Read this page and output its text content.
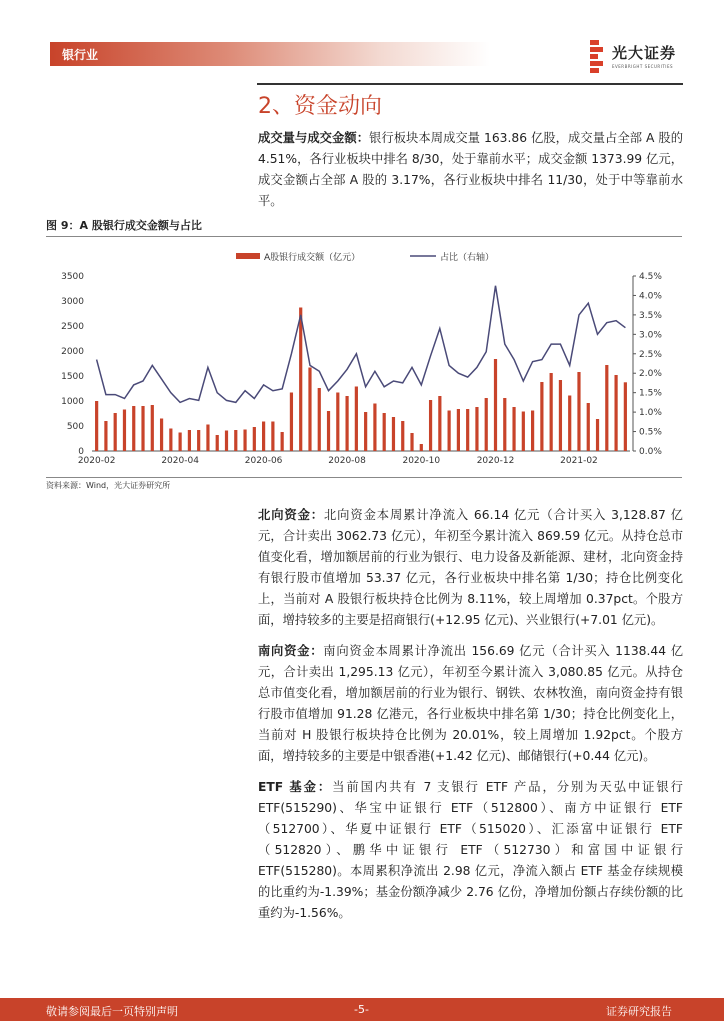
银行业	光大证券
EVERBRIGHT SECURITIES
2、资金动向
成交量与成交金额：银行板块本周成交量 163.86 亿股，成交量占全部 A 股的 4.51%，各行业板块中排名 8/30，处于靠前水平；成交金额 1373.99 亿元，成交金额占全部 A 股的 3.17%，各行业板块中排名 11/30，处于中等靠前水平。
图 9：A 股银行成交金额与占比
A股银行成交额（亿元）	占比（右轴）
0
500
1000
1500
2000
2500
3000
3500
0.0%
0.5%
1.0%
1.5%
2.0%
2.5%
3.0%
3.5%
4.0%
4.5%
2020-02	2020-04	2020-06	2020-08	2020-10	2020-12	2021-02
资料来源：Wind，光大证券研究所
北向资金：北向资金本周累计净流入 66.14 亿元（合计买入 3,128.87 亿元，合计卖出 3062.73 亿元），年初至今累计流入 869.59 亿元。从持仓总市值变化看，增加额居前的行业为银行、电力设备及新能源、建材，北向资金持有银行股市值增加 53.37 亿元，各行业板块中排名第 1/30；持仓比例变化上，当前对 A 股银行板块持仓比例为 8.11%，较上周增加 0.37pct。个股方面，增持较多的主要是招商银行(+12.95 亿元)、兴业银行(+7.01 亿元)。
南向资金：南向资金本周累计净流出 156.69 亿元（合计买入 1138.44 亿元，合计卖出 1,295.13 亿元），年初至今累计流入 3,080.85 亿元。从持仓总市值变化看，增加额居前的行业为银行、钢铁、农林牧渔，南向资金持有银行股市值增加 91.28 亿港元，各行业板块中排名第 1/30；持仓比例变化上，当前对 H 股银行板块持仓比例为 20.01%，较上周增加 1.92pct。个股方面，增持较多的主要是中银香港(+1.42 亿元)、邮储银行(+0.44 亿元)。
ETF 基金：当前国内共有 7 支银行 ETF 产品，分别为天弘中证银行 ETF(515290)、华宝中证银行 ETF（512800）、南方中证银行 ETF（512700）、华夏中证银行 ETF（515020）、汇添富中证银行 ETF（512820）、鹏华中证银行 ETF（512730）和富国中证银行 ETF(515280)。本周累积净流出 2.98 亿元，净流入额占 ETF 基金存续规模的比重约为-1.39%；基金份额净减少 2.76 亿份，净增加份额占存续份额的比重约为-1.56%。
敬请参阅最后一页特别声明	-5-	证券研究报告
